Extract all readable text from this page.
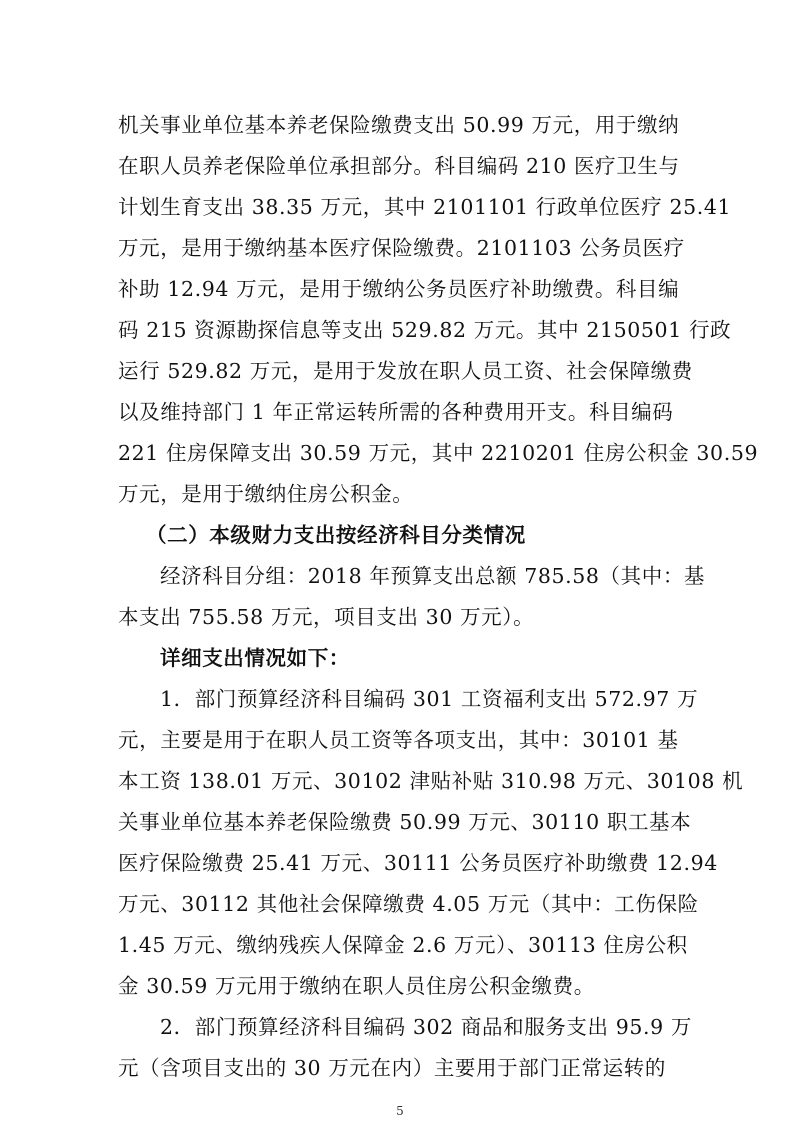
机关事业单位基本养老保险缴费支出 50.99 万元，用于缴纳
在职人员养老保险单位承担部分。科目编码 210 医疗卫生与
计划生育支出 38.35 万元，其中 2101101 行政单位医疗 25.41
万元，是用于缴纳基本医疗保险缴费。2101103 公务员医疗
补助 12.94 万元，是用于缴纳公务员医疗补助缴费。科目编
码 215 资源勘探信息等支出 529.82 万元。其中 2150501 行政
运行 529.82 万元，是用于发放在职人员工资、社会保障缴费
以及维持部门 1 年正常运转所需的各种费用开支。科目编码
221 住房保障支出 30.59 万元，其中 2210201 住房公积金 30.59
万元，是用于缴纳住房公积金。
（二）本级财力支出按经济科目分类情况
经济科目分组：2018 年预算支出总额 785.58（其中：基
本支出 755.58 万元，项目支出 30 万元）。
详细支出情况如下：
1．部门预算经济科目编码 301 工资福利支出 572.97 万
元，主要是用于在职人员工资等各项支出，其中：30101 基
本工资 138.01 万元、30102 津贴补贴 310.98 万元、30108 机
关事业单位基本养老保险缴费 50.99 万元、30110 职工基本
医疗保险缴费 25.41 万元、30111 公务员医疗补助缴费 12.94
万元、30112 其他社会保障缴费 4.05 万元（其中：工伤保险
1.45 万元、缴纳残疾人保障金 2.6 万元）、30113 住房公积
金 30.59 万元用于缴纳在职人员住房公积金缴费。
2．部门预算经济科目编码 302 商品和服务支出 95.9 万
元（含项目支出的 30 万元在内）主要用于部门正常运转的
5
